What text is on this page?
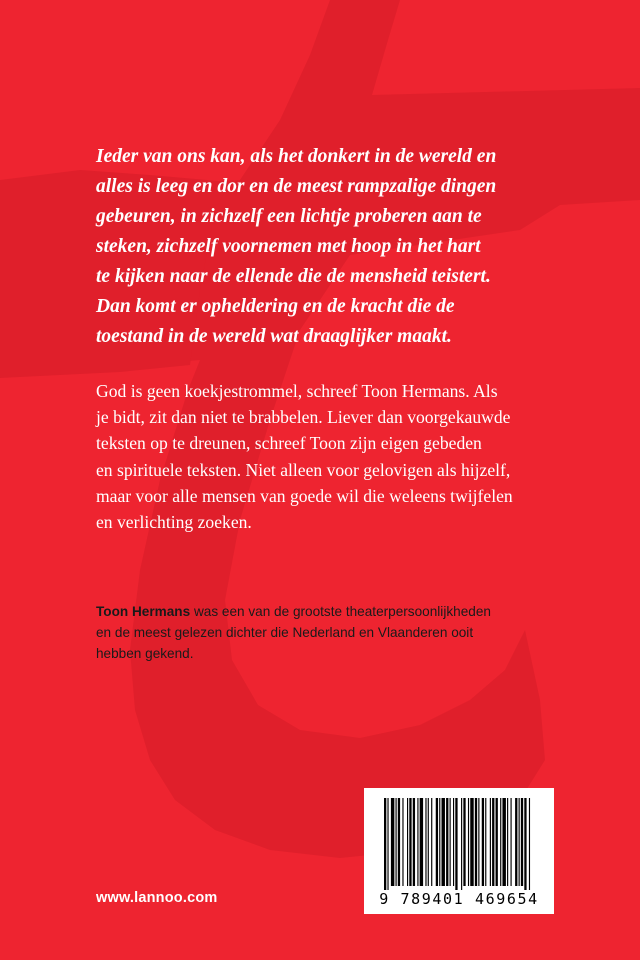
Ieder van ons kan, als het donkert in de wereld en
alles is leeg en dor en de meest rampzalige dingen
gebeuren, in zichzelf een lichtje proberen aan te
steken, zichzelf voornemen met hoop in het hart
te kijken naar de ellende die de mensheid teistert.
Dan komt er opheldering en de kracht die de
toestand in de wereld wat draaglijker maakt.
God is geen koekjestrommel, schreef Toon Hermans. Als
je bidt, zit dan niet te brabbelen. Liever dan voorgekauwde
teksten op te dreunen, schreef Toon zijn eigen gebeden
en spirituele teksten. Niet alleen voor gelovigen als hijzelf,
maar voor alle mensen van goede wil die weleens twijfelen
en verlichting zoeken.
Toon Hermans was een van de grootste theaterpersoonlijkheden
en de meest gelezen dichter die Nederland en Vlaanderen ooit
hebben gekend.
www.lannoo.com	9 789401 469654
